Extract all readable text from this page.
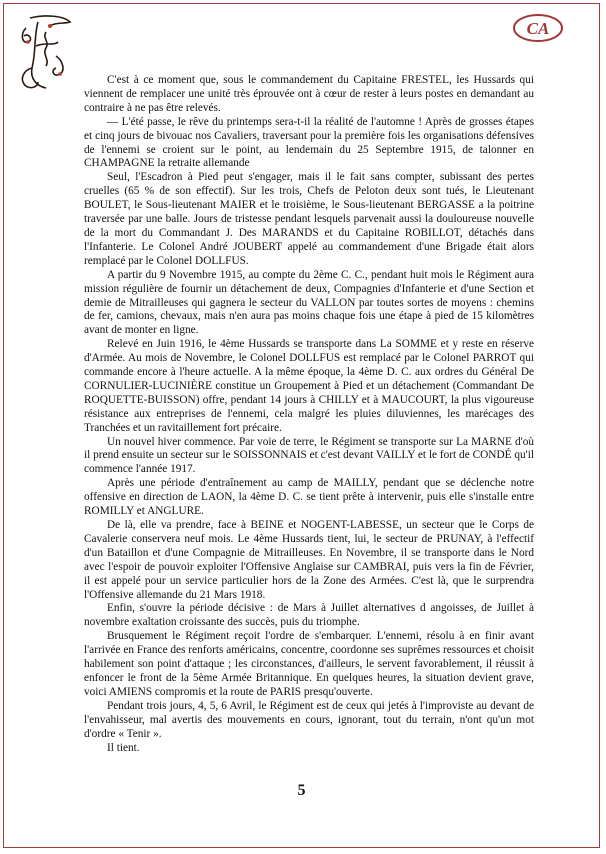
CA

C'est à ce moment que, sous le commandement du Capitaine FRESTEL, les Hussards qui viennent de remplacer une unité très éprouvée ont à cœur de rester à leurs postes en demandant au contraire à ne pas être relevés.

— L'été passe, le rêve du printemps sera-t-il la réalité de l'automne ! Après de grosses étapes et cinq jours de bivouac nos Cavaliers, traversant pour la première fois les organisations défensives de l'ennemi se croient sur le point, au lendemain du 25 Septembre 1915, de talonner en CHAMPAGNE la retraite allemande

Seul, l'Escadron à Pied peut s'engager, mais il le fait sans compter, subissant des pertes cruelles (65 % de son effectif). Sur les trois, Chefs de Peloton deux sont tués, le Lieutenant BOULET, le Sous-lieutenant MAIER et le troisième, le Sous-lieutenant BERGASSE a la poitrine traversée par une balle. Jours de tristesse pendant lesquels parvenait aussi la douloureuse nouvelle de la mort du Commandant J. Des MARANDS et du Capitaine ROBILLOT, détachés dans l'Infanterie. Le Colonel André JOUBERT appelé au commandement d'une Brigade était alors remplacé par le Colonel DOLLFUS.

A partir du 9 Novembre 1915, au compte du 2ème C. C., pendant huit mois le Régiment aura mission régulière de fournir un détachement de deux, Compagnies d'Infanterie et d'une Section et demie de Mitrailleuses qui gagnera le secteur du VALLON par toutes sortes de moyens : chemins de fer, camions, chevaux, mais n'en aura pas moins chaque fois une étape à pied de 15 kilomètres avant de monter en ligne.

Relevé en Juin 1916, le 4ème Hussards se transporte dans La SOMME et y reste en réserve d'Armée. Au mois de Novembre, le Colonel DOLLFUS est remplacé par le Colonel PARROT qui commande encore à l'heure actuelle. A la même époque, la 4ème D. C. aux ordres du Général De CORNULIER-LUCINIÈRE constitue un Groupement à Pied et un détachement (Commandant De ROQUETTE-BUISSON) offre, pendant 14 jours à CHILLY et à MAUCOURT, la plus vigoureuse résistance aux entreprises de l'ennemi, cela malgré les pluies diluviennes, les marécages des Tranchées et un ravitaillement fort précaire.

Un nouvel hiver commence. Par voie de terre, le Régiment se transporte sur La MARNE d'où il prend ensuite un secteur sur le SOISSONNAIS et c'est devant VAILLY et le fort de CONDÉ qu'il commence l'année 1917.

Après une période d'entraînement au camp de MAILLY, pendant que se déclenche notre offensive en direction de LAON, la 4ème D. C. se tient prête à intervenir, puis elle s'installe entre ROMILLY et ANGLURE.

De là, elle va prendre, face à BEINE et NOGENT-LABESSE, un secteur que le Corps de Cavalerie conservera neuf mois. Le 4ème Hussards tient, lui, le secteur de PRUNAY, à l'effectif d'un Bataillon et d'une Compagnie de Mitrailleuses. En Novembre, il se transporte dans le Nord avec l'espoir de pouvoir exploiter l'Offensive Anglaise sur CAMBRAI, puis vers la fin de Février, il est appelé pour un service particulier hors de la Zone des Armées. C'est là, que le surprendra l'Offensive allemande du 21 Mars 1918.

Enfin, s'ouvre la période décisive : de Mars à Juillet alternatives d angoisses, de Juillet à novembre exaltation croissante des succès, puis du triomphe.

Brusquement le Régiment reçoit l'ordre de s'embarquer. L'ennemi, résolu à en finir avant l'arrivée en France des renforts américains, concentre, coordonne ses suprêmes ressources et choisit habilement son point d'attaque ; les circonstances, d'ailleurs, le servent favorablement, il réussit à enfoncer le front de la 5ème Armée Britannique. En quelques heures, la situation devient grave, voici AMIENS compromis et la route de PARIS presqu'ouverte.

Pendant trois jours, 4, 5, 6 Avril, le Régiment est de ceux qui jetés à l'improviste au devant de l'envahisseur, mal avertis des mouvements en cours, ignorant, tout du terrain, n'ont qu'un mot d'ordre « Tenir ».

Il tient.

5
